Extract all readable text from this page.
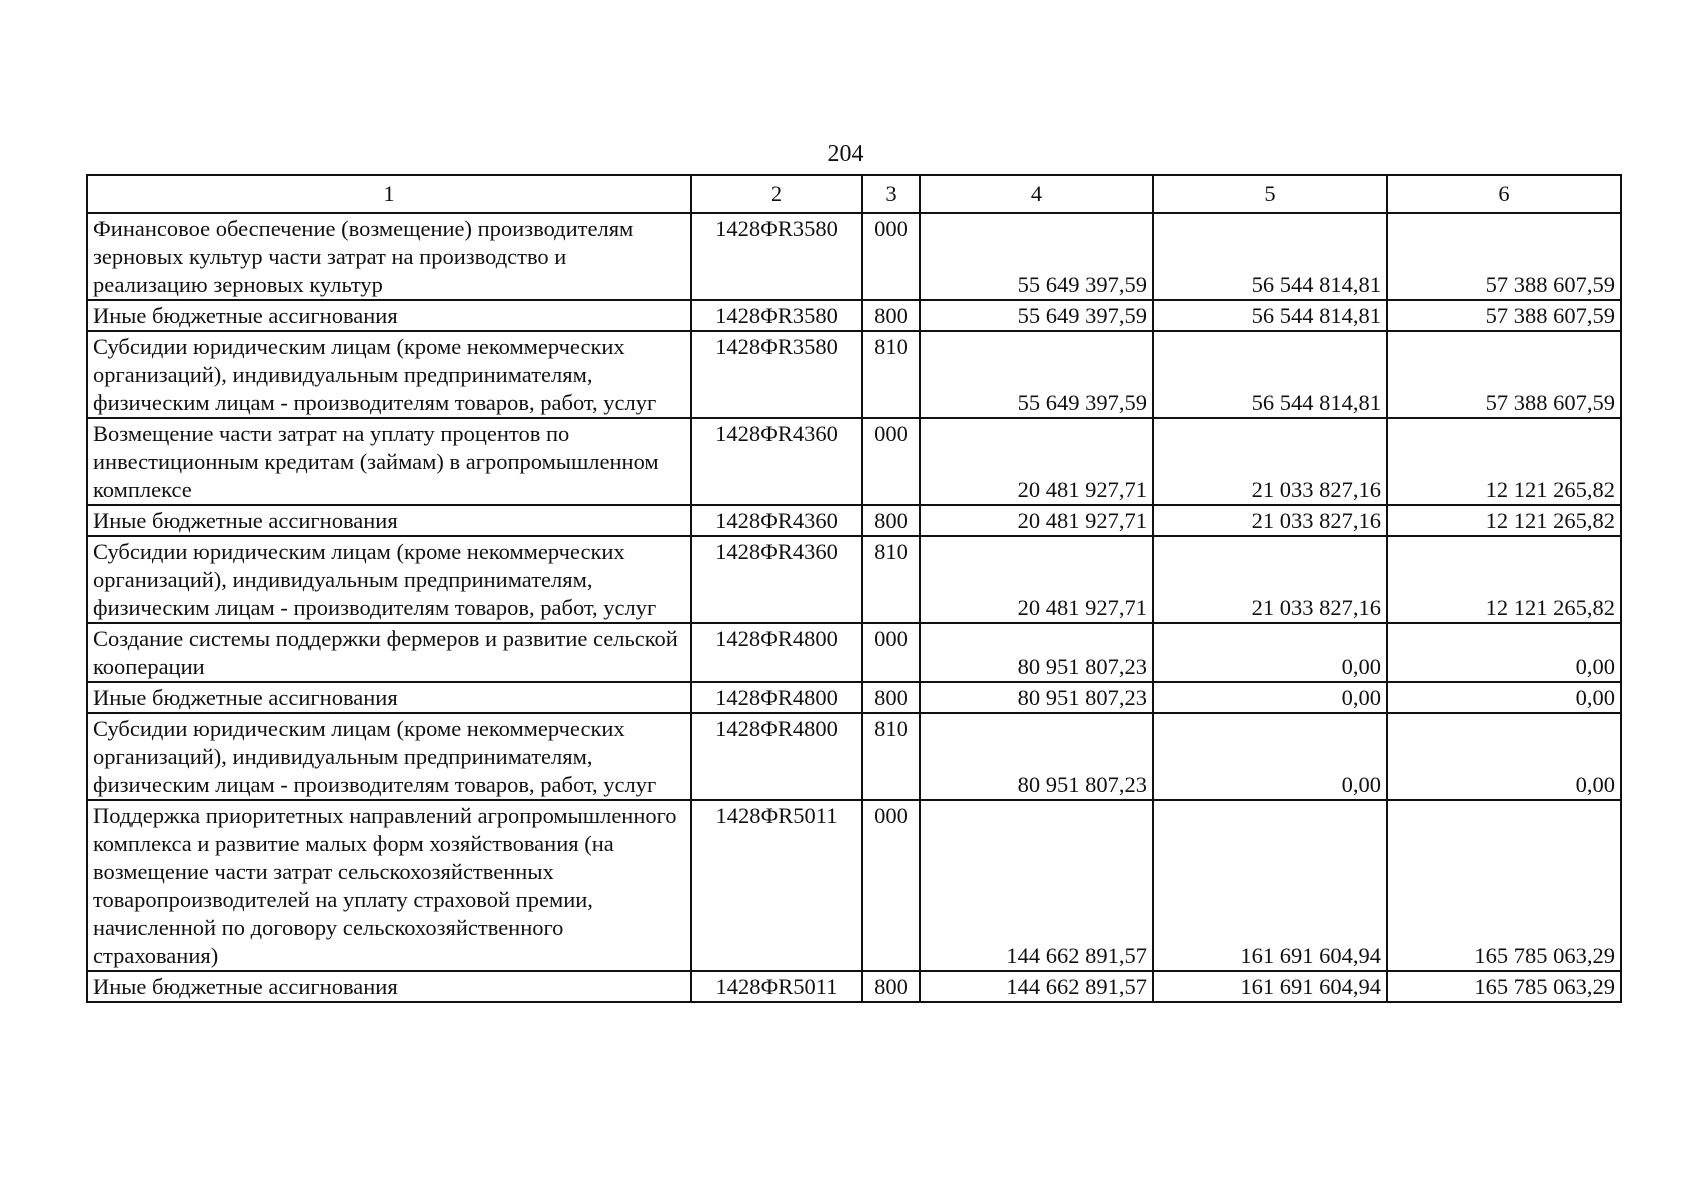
204
1	2	3	4	5	6
Финансовое обеспечение (возмещение) производителям зерновых культур части затрат на производство и реализацию зерновых культур	1428ФR3580	000	55 649 397,59	56 544 814,81	57 388 607,59
Иные бюджетные ассигнования	1428ФR3580	800	55 649 397,59	56 544 814,81	57 388 607,59
Субсидии юридическим лицам (кроме некоммерческих организаций), индивидуальным предпринимателям, физическим лицам - производителям товаров, работ, услуг	1428ФR3580	810	55 649 397,59	56 544 814,81	57 388 607,59
Возмещение части затрат на уплату процентов по инвестиционным кредитам (займам) в агропромышленном комплексе	1428ФR4360	000	20 481 927,71	21 033 827,16	12 121 265,82
Иные бюджетные ассигнования	1428ФR4360	800	20 481 927,71	21 033 827,16	12 121 265,82
Субсидии юридическим лицам (кроме некоммерческих организаций), индивидуальным предпринимателям, физическим лицам - производителям товаров, работ, услуг	1428ФR4360	810	20 481 927,71	21 033 827,16	12 121 265,82
Создание системы поддержки фермеров и развитие сельской кооперации	1428ФR4800	000	80 951 807,23	0,00	0,00
Иные бюджетные ассигнования	1428ФR4800	800	80 951 807,23	0,00	0,00
Субсидии юридическим лицам (кроме некоммерческих организаций), индивидуальным предпринимателям, физическим лицам - производителям товаров, работ, услуг	1428ФR4800	810	80 951 807,23	0,00	0,00
Поддержка приоритетных направлений агропромышленного комплекса и развитие малых форм хозяйствования (на возмещение части затрат сельскохозяйственных товаропроизводителей на уплату страховой премии, начисленной по договору сельскохозяйственного страхования)	1428ФR5011	000	144 662 891,57	161 691 604,94	165 785 063,29
Иные бюджетные ассигнования	1428ФR5011	800	144 662 891,57	161 691 604,94	165 785 063,29
